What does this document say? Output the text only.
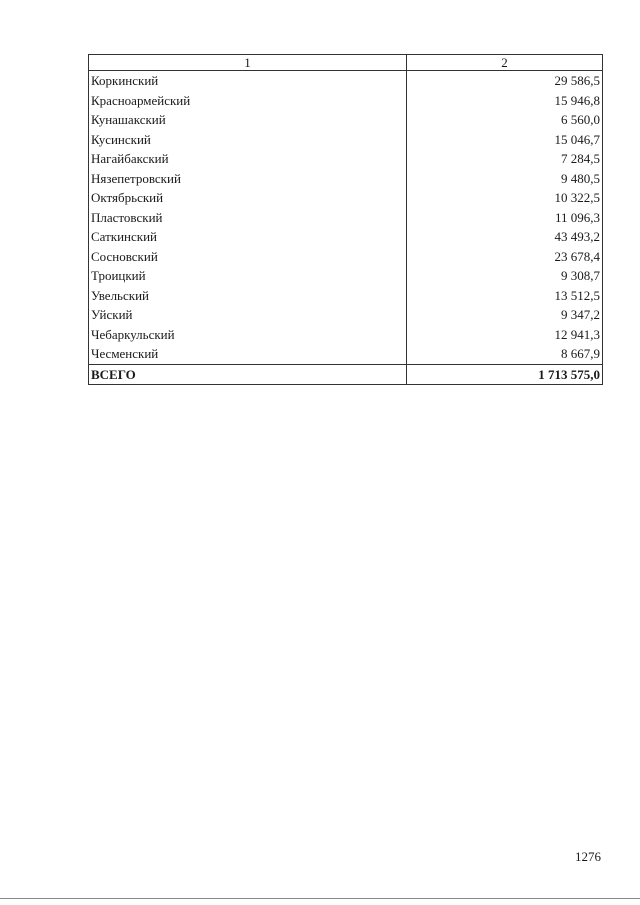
1	2
Коркинский	29 586,5
Красноармейский	15 946,8
Кунашакский	6 560,0
Кусинский	15 046,7
Нагайбакский	7 284,5
Нязепетровский	9 480,5
Октябрьский	10 322,5
Пластовский	11 096,3
Саткинский	43 493,2
Сосновский	23 678,4
Троицкий	9 308,7
Увельский	13 512,5
Уйский	9 347,2
Чебаркульский	12 941,3
Чесменский	8 667,9
ВСЕГО	1 713 575,0
1276
